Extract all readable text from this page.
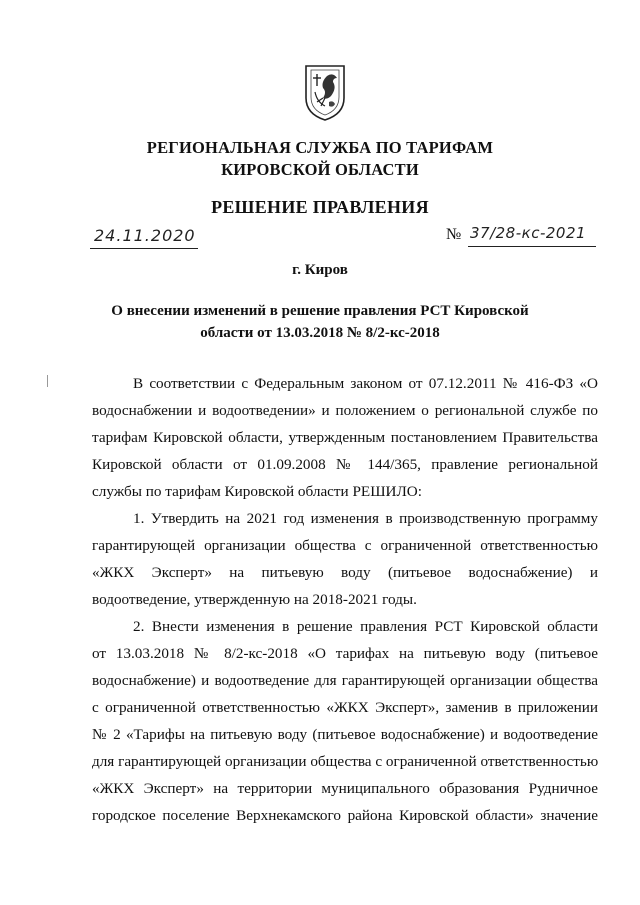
РЕГИОНАЛЬНАЯ СЛУЖБА ПО ТАРИФАМ
КИРОВСКОЙ ОБЛАСТИ
РЕШЕНИЕ ПРАВЛЕНИЯ
24.11.2020	№ 37/28-кс-2021
г. Киров
О внесении изменений в решение правления РСТ Кировской
области от 13.03.2018 № 8/2-кс-2018
В соответствии с Федеральным законом от 07.12.2011 № 416-ФЗ «О
водоснабжении и водоотведении» и положением о региональной службе по
тарифам Кировской области, утвержденным постановлением Правительства
Кировской области от 01.09.2008 № 144/365, правление региональной
службы по тарифам Кировской области РЕШИЛО:
1. Утвердить на 2021 год изменения в производственную программу
гарантирующей организации общества с ограниченной ответственностью
«ЖКХ Эксперт» на питьевую воду (питьевое водоснабжение) и
водоотведение, утвержденную на 2018-2021 годы.
2. Внести изменения в решение правления РСТ Кировской области
от 13.03.2018 № 8/2-кс-2018 «О тарифах на питьевую воду (питьевое
водоснабжение) и водоотведение для гарантирующей организации общества
с ограниченной ответственностью «ЖКХ Эксперт», заменив в приложении
№ 2 «Тарифы на питьевую воду (питьевое водоснабжение) и водоотведение
для гарантирующей организации общества с ограниченной ответственностью
«ЖКХ Эксперт» на территории муниципального образования Рудничное
городское поселение Верхнекамского района Кировской области» значение
